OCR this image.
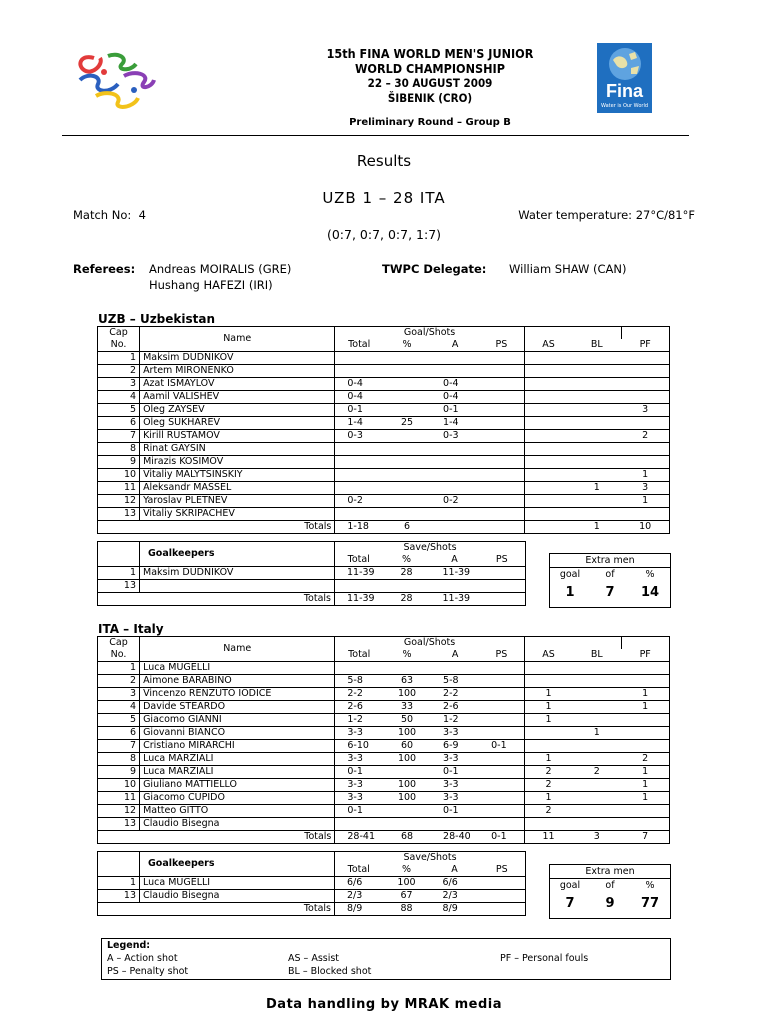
15th FINA WORLD MEN'S JUNIOR
WORLD CHAMPIONSHIP
22 – 30 AUGUST 2009
ŠIBENIK (CRO)	Fina
Water is Our World
Preliminary Round – Group B
Results
UZB 1 – 28 ITA
Match No: 4	Water temperature: 27°C/81°F
(0:7, 0:7, 0:7, 1:7)
Referees: Andreas MOIRALIS (GRE)
Hushang HAFEZI (IRI)
TWPC Delegate: William SHAW (CAN)
UZB – Uzbekistan
Cap	Name	Goal/Shots						
No.		Total	%	A	PS	AS	BL	PF
1	Maksim DUDNIKOV							
2	Artem MIRONENKO							
3	Azat ISMAYLOV	0-4		0-4				
4	Aamil VALISHEV	0-4		0-4				
5	Oleg ZAYSEV	0-1		0-1				3
6	Oleg SUKHAREV	1-4	25	1-4				
7	Kirill RUSTAMOV	0-3		0-3				2
8	Rinat GAYSIN							
9	Mirazis KOSIMOV							
10	Vitaliy MALYTSINSKIY							1
11	Aleksandr MASSEL						1	3
12	Yaroslav PLETNEV	0-2		0-2				1
13	Vitaliy SKRIPACHEV							
Totals		1-18	6				1	10
	Goalkeepers	Save/Shots			
		Total	%	A	PS
1	Maksim DUDNIKOV	11-39	28	11-39	
13					
Totals		11-39	28	11-39	
Extra men
goal	of	%
1	7	14
ITA – Italy
Cap	Name	Goal/Shots						
No.		Total	%	A	PS	AS	BL	PF
1	Luca MUGELLI							
2	Aimone BARABINO	5-8	63	5-8				
3	Vincenzo RENZUTO IODICE	2-2	100	2-2		1		1
4	Davide STEARDO	2-6	33	2-6		1		1
5	Giacomo GIANNI	1-2	50	1-2		1		
6	Giovanni BIANCO	3-3	100	3-3			1	
7	Cristiano MIRARCHI	6-10	60	6-9	0-1			
8	Luca MARZIALI	3-3	100	3-3		1		2
9	Luca MARZIALI	0-1		0-1		2	2	1
10	Giuliano MATTIELLO	3-3	100	3-3		2		1
11	Giacomo CUPIDO	3-3	100	3-3		1		1
12	Matteo GITTO	0-1		0-1		2		
13	Claudio Bisegna							
Totals		28-41	68	28-40	0-1	11	3	7
	Goalkeepers	Save/Shots			
		Total	%	A	PS
1	Luca MUGELLI	6/6	100	6/6	
13	Claudio Bisegna	2/3	67	2/3	
Totals		8/9	88	8/9	
Extra men
goal	of	%
7	9	77
Legend:
A – Action shot
PS – Penalty shot
AS – Assist
BL – Blocked shot
PF – Personal fouls
Data handling by MRAK media
